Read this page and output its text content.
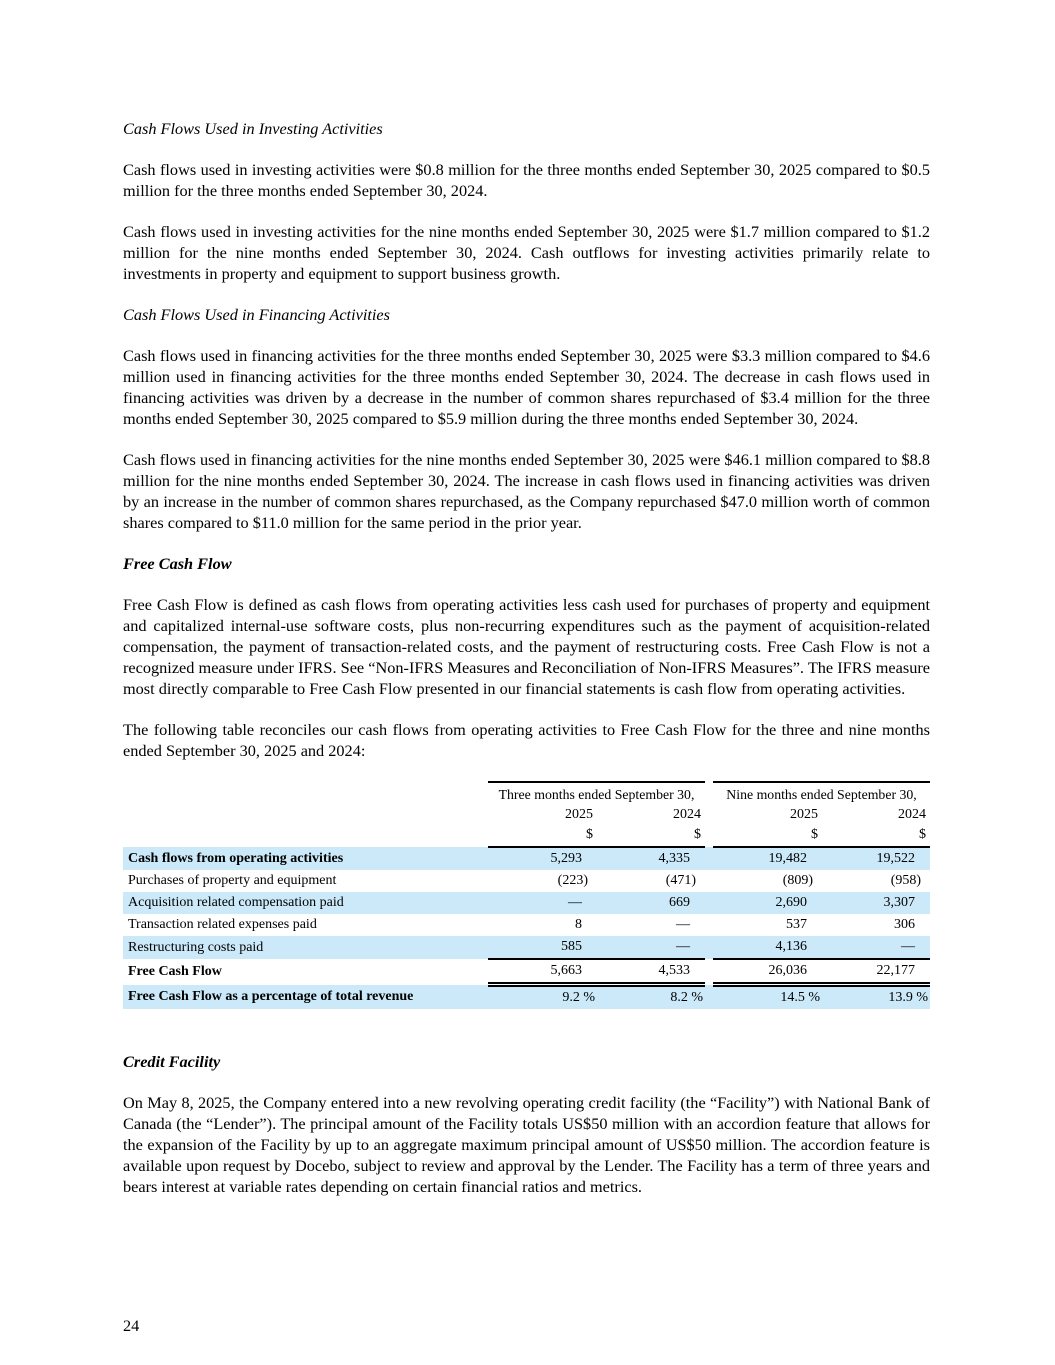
Cash Flows Used in Investing Activities

Cash flows used in investing activities were $0.8 million for the three months ended September 30, 2025 compared to $0.5 million for the three months ended September 30, 2024.

Cash flows used in investing activities for the nine months ended September 30, 2025 were $1.7 million compared to $1.2 million for the nine months ended September 30, 2024. Cash outflows for investing activities primarily relate to investments in property and equipment to support business growth.

Cash Flows Used in Financing Activities

Cash flows used in financing activities for the three months ended September 30, 2025 were $3.3 million compared to $4.6 million used in financing activities for the three months ended September 30, 2024. The decrease in cash flows used in financing activities was driven by a decrease in the number of common shares repurchased of $3.4 million for the three months ended September 30, 2025 compared to $5.9 million during the three months ended September 30, 2024.

Cash flows used in financing activities for the nine months ended September 30, 2025 were $46.1 million compared to $8.8 million for the nine months ended September 30, 2024. The increase in cash flows used in financing activities was driven by an increase in the number of common shares repurchased, as the Company repurchased $47.0 million worth of common shares compared to $11.0 million for the same period in the prior year.

Free Cash Flow

Free Cash Flow is defined as cash flows from operating activities less cash used for purchases of property and equipment and capitalized internal-use software costs, plus non-recurring expenditures such as the payment of acquisition-related compensation, the payment of transaction-related costs, and the payment of restructuring costs. Free Cash Flow is not a recognized measure under IFRS. See “Non-IFRS Measures and Reconciliation of Non-IFRS Measures”. The IFRS measure most directly comparable to Free Cash Flow presented in our financial statements is cash flow from operating activities.

The following table reconciles our cash flows from operating activities to Free Cash Flow for the three and nine months ended September 30, 2025 and 2024:

	Three months ended September 30,			Nine months ended September 30,	
	2025	2024		2025	2024
	$	$		$	$
Cash flows from operating activities	5,293	4,335		19,482	19,522
Purchases of property and equipment	(223)	(471)		(809)	(958)
Acquisition related compensation paid	—	669		2,690	3,307
Transaction related expenses paid	8	—		537	306
Restructuring costs paid	585	—		4,136	—
Free Cash Flow	5,663	4,533		26,036	22,177
Free Cash Flow as a percentage of total revenue	9.2 %	8.2 %		14.5 %	13.9 %
Credit Facility

On May 8, 2025, the Company entered into a new revolving operating credit facility (the “Facility”) with National Bank of Canada (the “Lender”). The principal amount of the Facility totals US$50 million with an accordion feature that allows for the expansion of the Facility by up to an aggregate maximum principal amount of US$50 million. The accordion feature is available upon request by Docebo, subject to review and approval by the Lender. The Facility has a term of three years and bears interest at variable rates depending on certain financial ratios and metrics.

24
